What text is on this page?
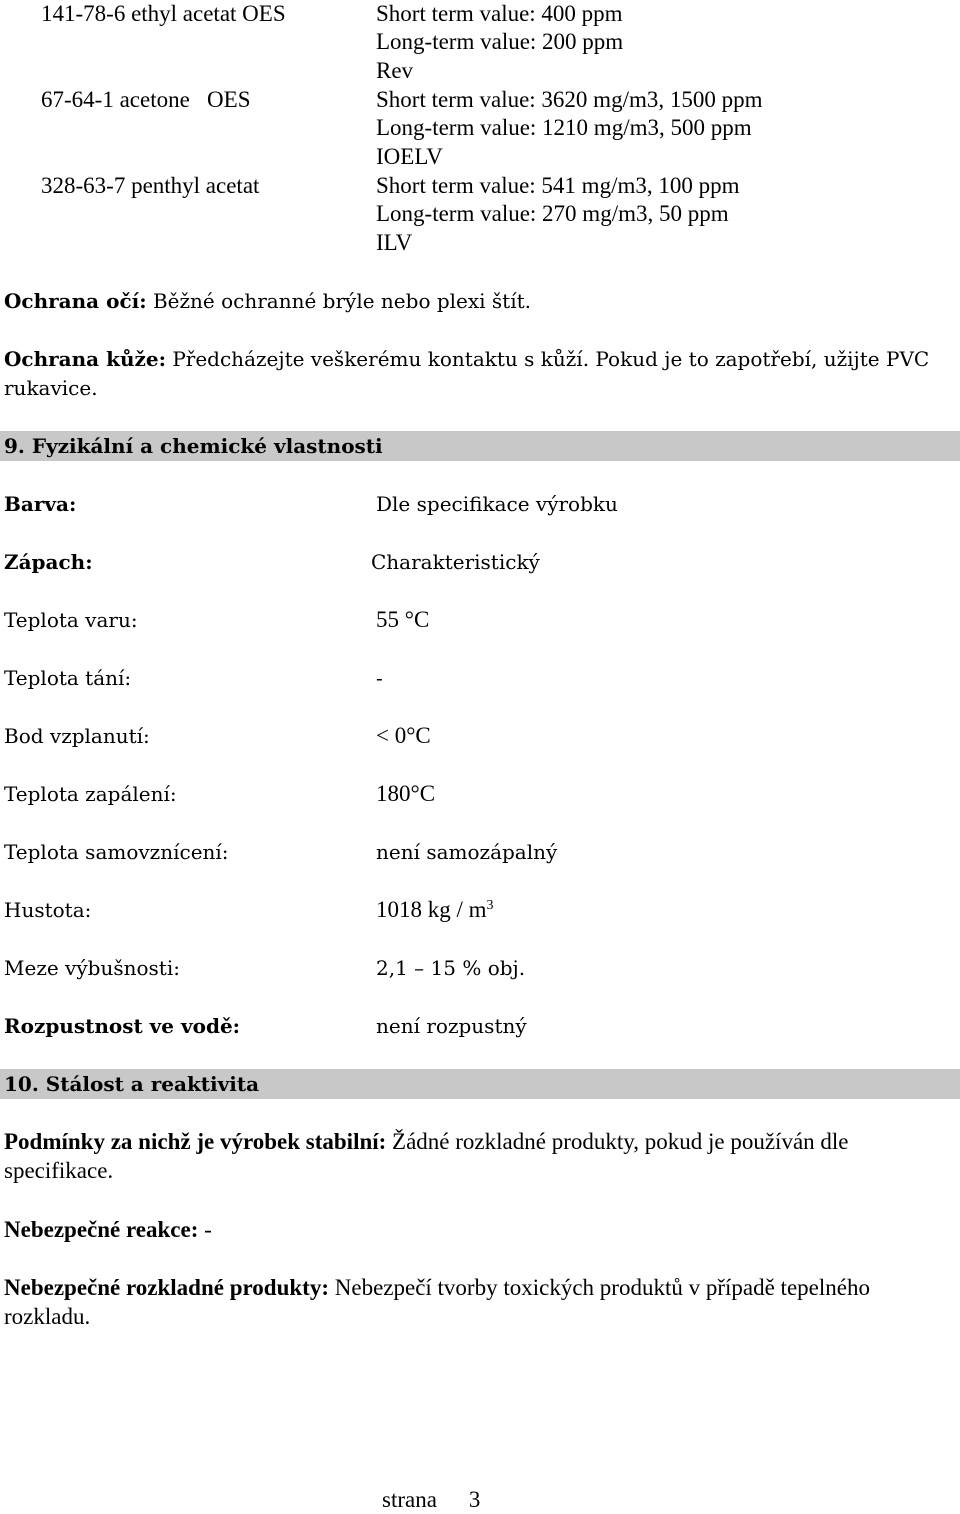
141-78-6 ethyl acetat OES	Short term value: 400 ppm
Long-term value: 200 ppm
Rev
67-64-1 acetone   OES	Short term value: 3620 mg/m3, 1500 ppm
Long-term value: 1210 mg/m3, 500 ppm
IOELV
328-63-7 penthyl acetat	Short term value: 541 mg/m3, 100 ppm
Long-term value: 270 mg/m3, 50 ppm
ILV
Ochrana očí: Běžné ochranné brýle nebo plexi štít.
Ochrana kůže: Předcházejte veškerému kontaktu s kůží. Pokud je to zapotřebí, užijte PVC rukavice.
9. Fyzikální a chemické vlastnosti
Barva:	Dle specifikace výrobku
Zápach:	Charakteristický
Teplota varu:	55 °C
Teplota tání:	-
Bod vzplanutí:	< 0°C
Teplota zapálení:	180°C
Teplota samovznícení:	není samozápalný
Hustota:	1018 kg / $m^3$
Meze výbušnosti:	2,1 – 15 % obj.
Rozpustnost ve vodě:	není rozpustný
10. Stálost a reaktivita
Podmínky za nichž je výrobek stabilní: Žádné rozkladné produkty, pokud je používán dle specifikace.
Nebezpečné reakce: -
Nebezpečné rozkladné produkty: Nebezpečí tvorby toxických produktů v případě tepelného rozkladu.
strana 3
